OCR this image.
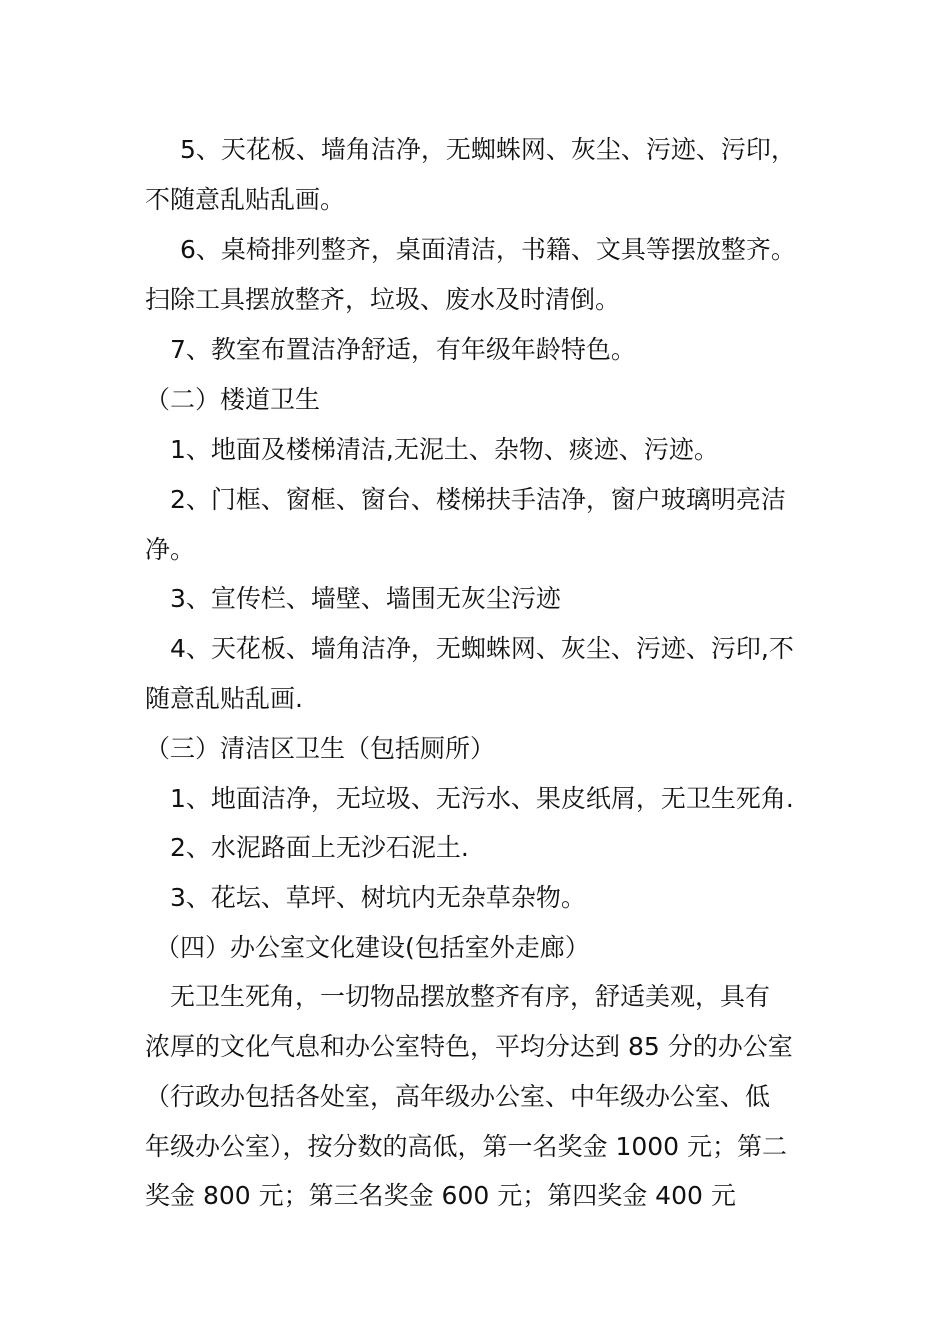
5、天花板、墙角洁净，无蜘蛛网、灰尘、污迹、污印，
不随意乱贴乱画。
6、桌椅排列整齐，桌面清洁，书籍、文具等摆放整齐。
扫除工具摆放整齐，垃圾、废水及时清倒。
7、教室布置洁净舒适，有年级年龄特色。
（二）楼道卫生
1、地面及楼梯清洁,无泥土、杂物、痰迹、污迹。
2、门框、窗框、窗台、楼梯扶手洁净，窗户玻璃明亮洁
净。
3、宣传栏、墙壁、墙围无灰尘污迹
4、天花板、墙角洁净，无蜘蛛网、灰尘、污迹、污印,不
随意乱贴乱画.
（三）清洁区卫生（包括厕所）
1、地面洁净，无垃圾、无污水、果皮纸屑，无卫生死角.
2、水泥路面上无沙石泥土.
3、花坛、草坪、树坑内无杂草杂物。
（四）办公室文化建设(包括室外走廊）
无卫生死角，一切物品摆放整齐有序，舒适美观，具有
浓厚的文化气息和办公室特色，平均分达到 85 分的办公室
（行政办包括各处室，高年级办公室、中年级办公室、低
年级办公室），按分数的高低，第一名奖金 1000 元；第二
奖金 800 元；第三名奖金 600 元；第四奖金 400 元
